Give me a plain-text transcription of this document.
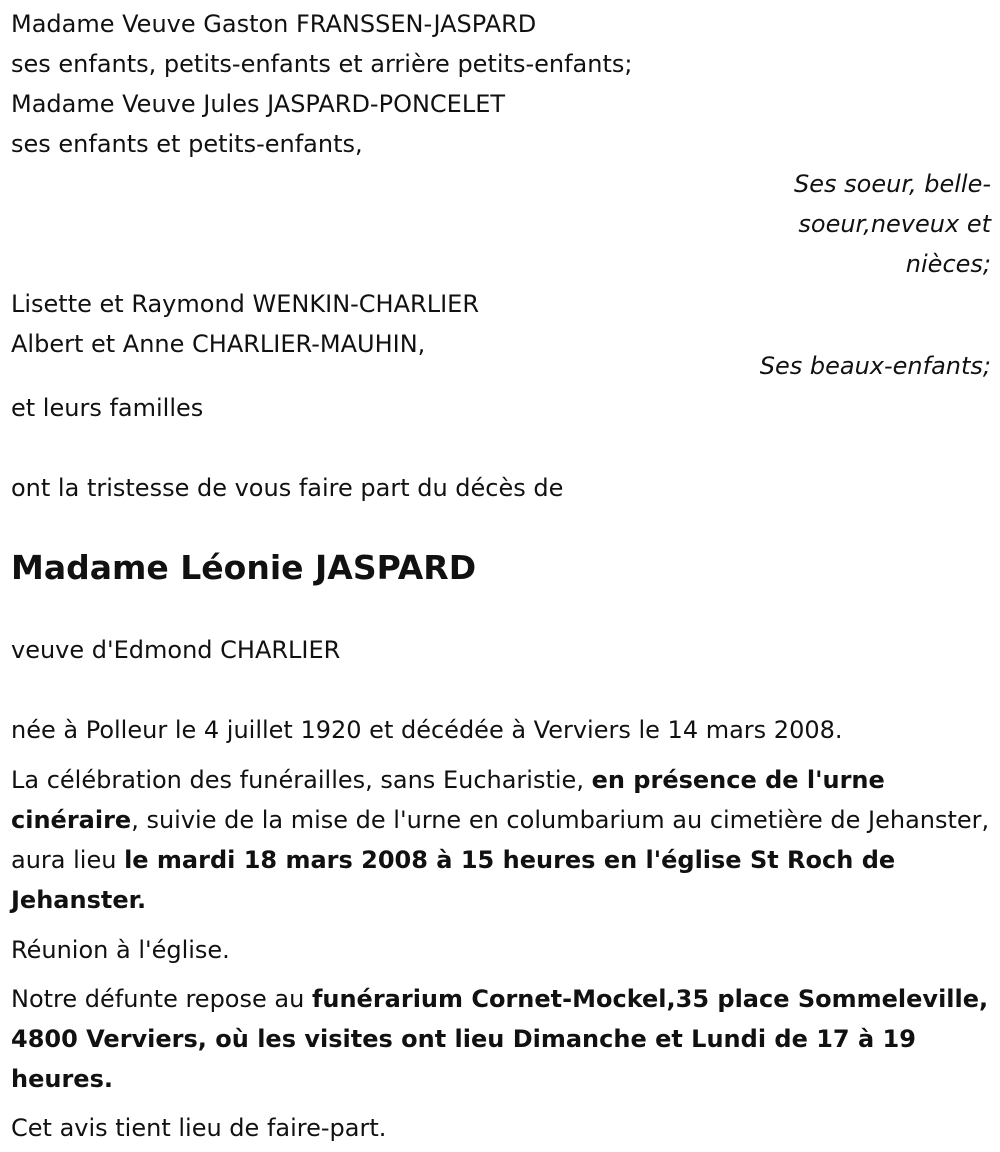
Madame Veuve Gaston FRANSSEN-JASPARD
ses enfants, petits-enfants et arrière petits-enfants;
Madame Veuve Jules JASPARD-PONCELET
ses enfants et petits-enfants,
Ses soeur, belle-
soeur,neveux et
nièces;
Lisette et Raymond WENKIN-CHARLIER
Albert et Anne CHARLIER-MAUHIN,
Ses beaux-enfants;
et leurs familles
ont la tristesse de vous faire part du décès de
Madame Léonie JASPARD
veuve d'Edmond CHARLIER
née à Polleur le 4 juillet 1920 et décédée à Verviers le 14 mars 2008.
La célébration des funérailles, sans Eucharistie, en présence de l'urne cinéraire, suivie de la mise de l'urne en columbarium au cimetière de Jehanster, aura lieu le mardi 18 mars 2008 à 15 heures en l'église St Roch de Jehanster.
Réunion à l'église.
Notre défunte repose au funérarium Cornet-Mockel,35 place Sommeleville, 4800 Verviers, où les visites ont lieu Dimanche et Lundi de 17 à 19 heures.
Cet avis tient lieu de faire-part.
